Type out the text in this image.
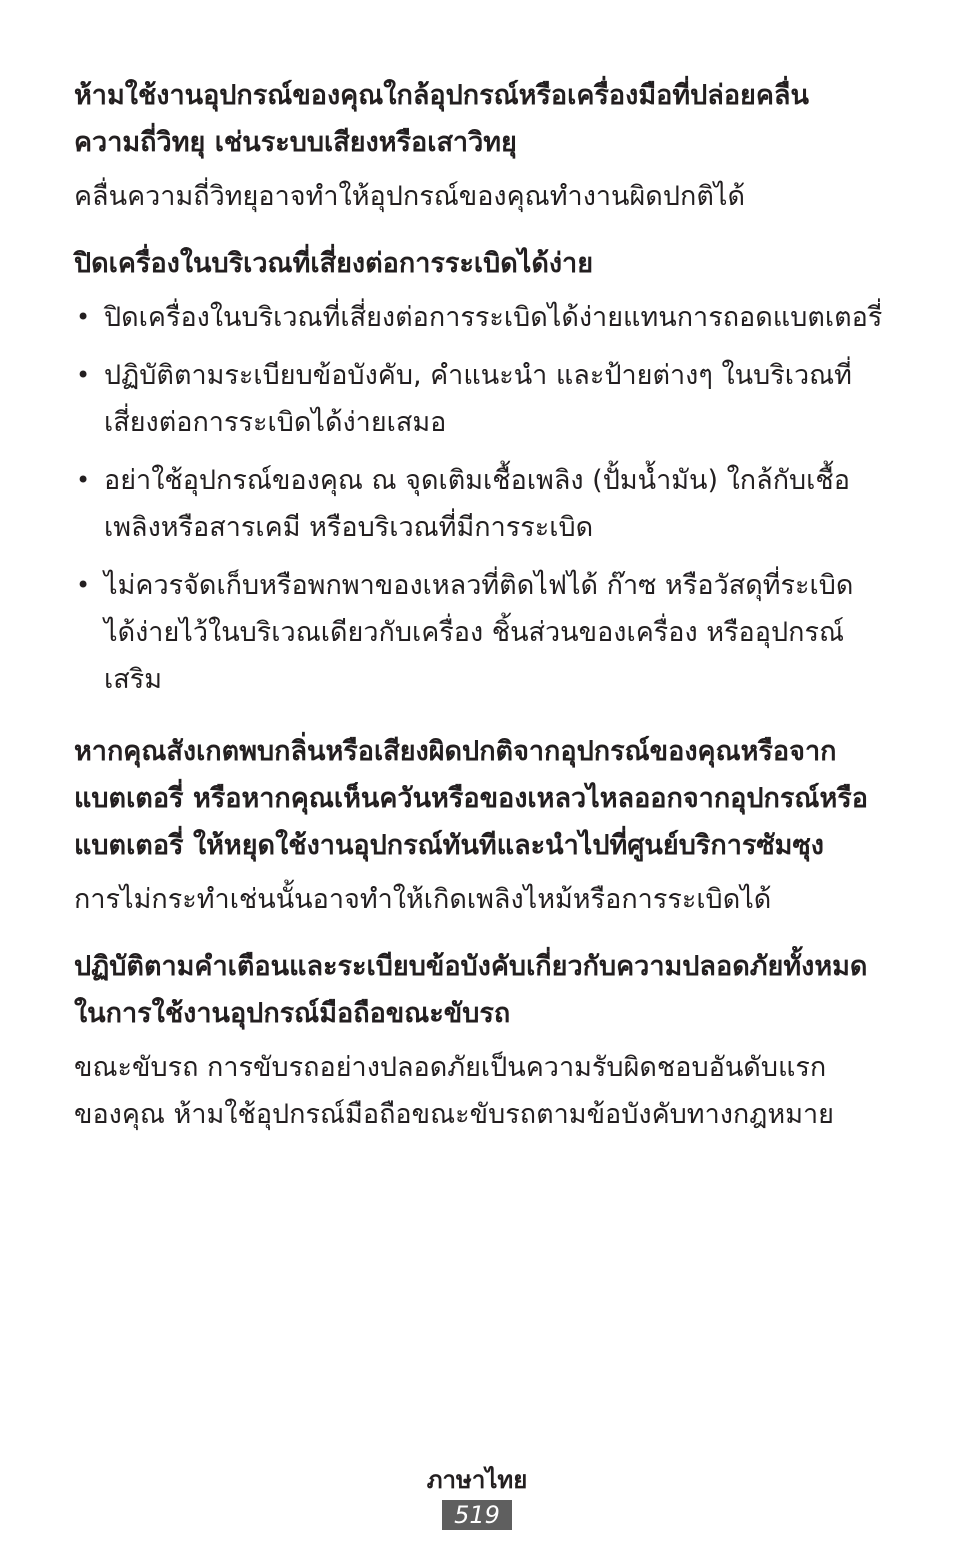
ห้ามใช้งานอุปกรณ์ของคุณใกล้อุปกรณ์หรือเครื่องมือที่ปล่อยคลื่น
ความถี่วิทยุ เช่นระบบเสียงหรือเสาวิทยุ

คลื่นความถี่วิทยุอาจทำให้อุปกรณ์ของคุณทำงานผิดปกติได้

ปิดเครื่องในบริเวณที่เสี่ยงต่อการระเบิดได้ง่าย

• ปิดเครื่องในบริเวณที่เสี่ยงต่อการระเบิดได้ง่ายแทนการถอดแบตเตอรี่
• ปฏิบัติตามระเบียบข้อบังคับ, คำแนะนำ และป้ายต่างๆ ในบริเวณที่
เสี่ยงต่อการระเบิดได้ง่ายเสมอ
• อย่าใช้อุปกรณ์ของคุณ ณ จุดเติมเชื้อเพลิง (ปั้มน้ำมัน) ใกล้กับเชื้อ
เพลิงหรือสารเคมี หรือบริเวณที่มีการระเบิด
• ไม่ควรจัดเก็บหรือพกพาของเหลวที่ติดไฟได้ ก๊าซ หรือวัสดุที่ระเบิด
ได้ง่ายไว้ในบริเวณเดียวกับเครื่อง ชิ้นส่วนของเครื่อง หรืออุปกรณ์
เสริม

หากคุณสังเกตพบกลิ่นหรือเสียงผิดปกติจากอุปกรณ์ของคุณหรือจาก
แบตเตอรี่ หรือหากคุณเห็นควันหรือของเหลวไหลออกจากอุปกรณ์หรือ
แบตเตอรี่ ให้หยุดใช้งานอุปกรณ์ทันทีและนำไปที่ศูนย์บริการซัมซุง

การไม่กระทำเช่นนั้นอาจทำให้เกิดเพลิงไหม้หรือการระเบิดได้

ปฏิบัติตามคำเตือนและระเบียบข้อบังคับเกี่ยวกับความปลอดภัยทั้งหมด
ในการใช้งานอุปกรณ์มือถือขณะขับรถ

ขณะขับรถ การขับรถอย่างปลอดภัยเป็นความรับผิดชอบอันดับแรก
ของคุณ ห้ามใช้อุปกรณ์มือถือขณะขับรถตามข้อบังคับทางกฎหมาย

ภาษาไทย
519
